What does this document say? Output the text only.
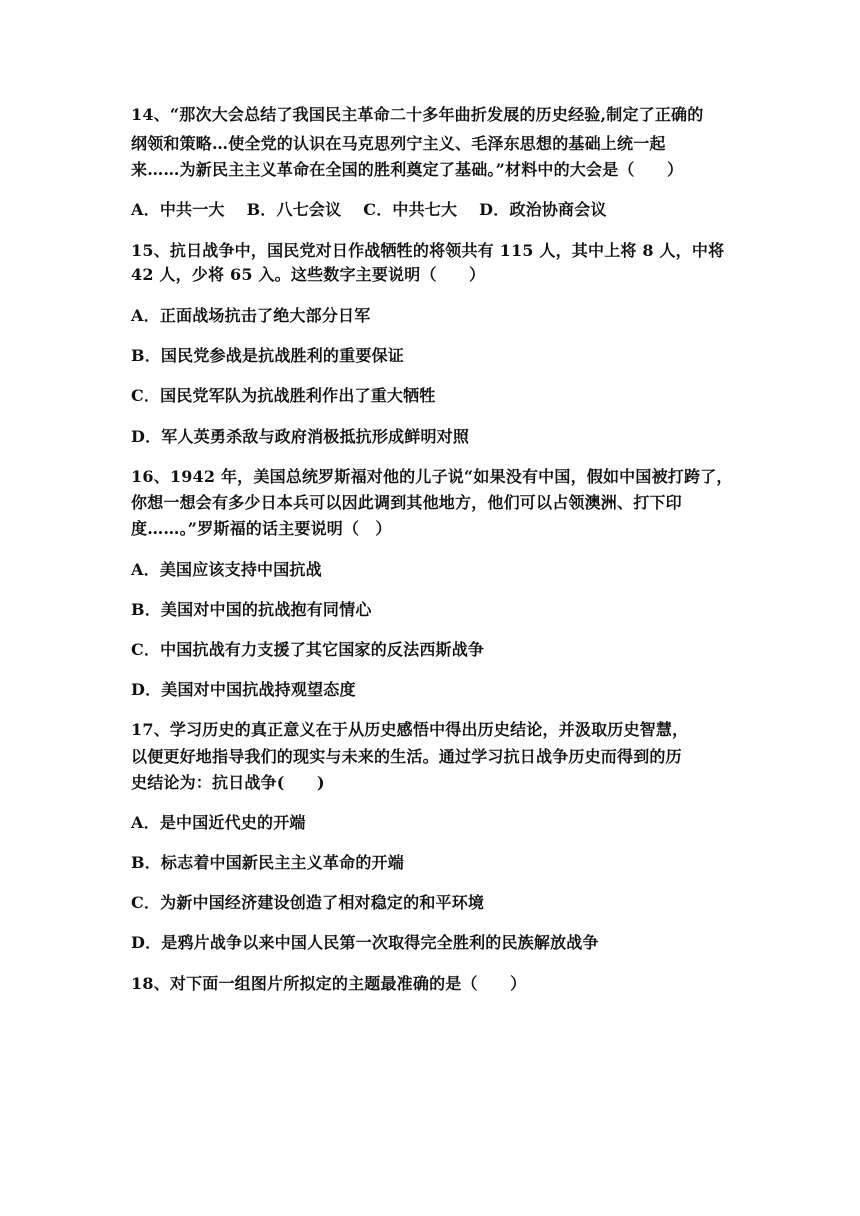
14、“那次大会总结了我国民主革命二十多年曲折发展的历史经验,制定了正确的
纲领和策略…使全党的认识在马克思列宁主义、毛泽东思想的基础上统一起
来……为新民主主义革命在全国的胜利奠定了基础。”材料中的大会是（　　）
A．中共一大　 B．八七会议　 C．中共七大　 D．政治协商会议
15、抗日战争中，国民党对日作战牺牲的将领共有 115 人，其中上将 8 人，中将
42 人，少将 65 入。这些数字主要说明（　　）
A．正面战场抗击了绝大部分日军
B．国民党参战是抗战胜利的重要保证
C．国民党军队为抗战胜利作出了重大牺牲
D．军人英勇杀敌与政府消极抵抗形成鲜明对照
16、1942 年，美国总统罗斯福对他的儿子说“如果没有中国，假如中国被打跨了，
你想一想会有多少日本兵可以因此调到其他地方，他们可以占领澳洲、打下印
度……。”罗斯福的话主要说明（　）
A．美国应该支持中国抗战
B．美国对中国的抗战抱有同情心
C．中国抗战有力支援了其它国家的反法西斯战争
D．美国对中国抗战持观望态度
17、学习历史的真正意义在于从历史感悟中得出历史结论，并汲取历史智慧，
以便更好地指导我们的现实与未来的生活。通过学习抗日战争历史而得到的历
史结论为：抗日战争(　　)
A．是中国近代史的开端
B．标志着中国新民主主义革命的开端
C．为新中国经济建设创造了相对稳定的和平环境
D．是鸦片战争以来中国人民第一次取得完全胜利的民族解放战争
18、对下面一组图片所拟定的主题最准确的是（　　）
